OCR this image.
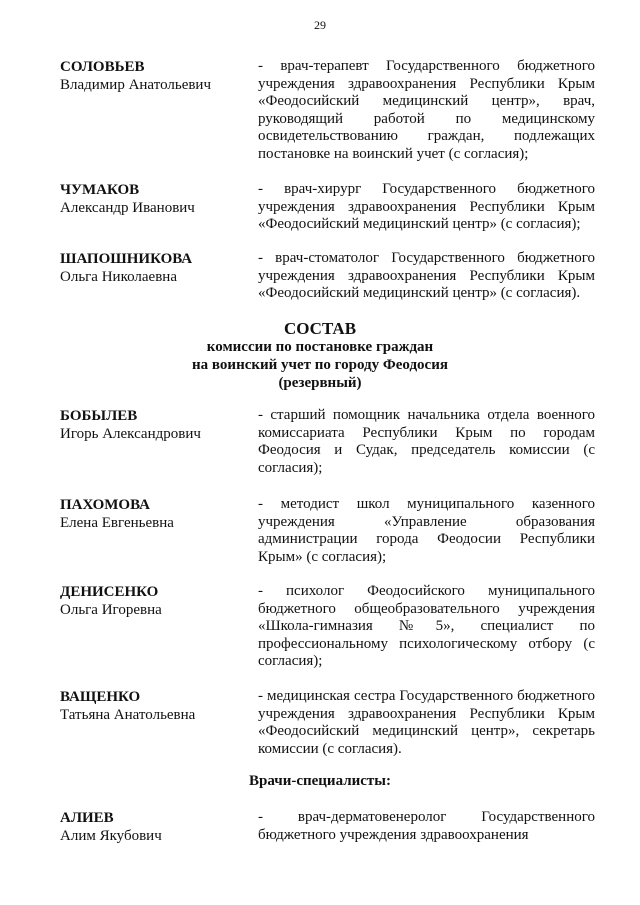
29
СОЛОВЬЕВ
Владимир Анатольевич
- врач-терапевт Государственного бюджетного учреждения здравоохранения Республики Крым «Феодосийский медицинский центр», врач, руководящий работой по медицинскому освидетельствованию граждан, подлежащих постановке на воинский учет (с согласия);
ЧУМАКОВ
Александр Иванович
- врач-хирург Государственного бюджетного учреждения здравоохранения Республики Крым «Феодосийский медицинский центр» (с согласия);
ШАПОШНИКОВА
Ольга Николаевна
- врач-стоматолог Государственного бюджетного учреждения здравоохранения Республики Крым «Феодосийский медицинский центр» (с согласия).
СОСТАВ
комиссии по постановке граждан
на воинский учет по городу Феодосия
(резервный)
БОБЫЛЕВ
Игорь Александрович
- старший помощник начальника отдела военного комиссариата Республики Крым по городам Феодосия и Судак, председатель комиссии (с согласия);
ПАХОМОВА
Елена Евгеньевна
- методист школ муниципального казенного учреждения «Управление образования администрации города Феодосии Республики Крым» (с согласия);
ДЕНИСЕНКО
Ольга Игоревна
- психолог Феодосийского муниципального бюджетного общеобразовательного учреждения «Школа-гимназия №5», специалист по профессиональному психологическому отбору (с согласия);
ВАЩЕНКО
Татьяна Анатольевна
- медицинская сестра Государственного бюджетного учреждения здравоохранения Республики Крым «Феодосийский медицинский центр», секретарь комиссии (с согласия).
Врачи-специалисты:
АЛИЕВ
Алим Якубович
- врач-дерматовенеролог Государственного бюджетного учреждения здравоохранения
